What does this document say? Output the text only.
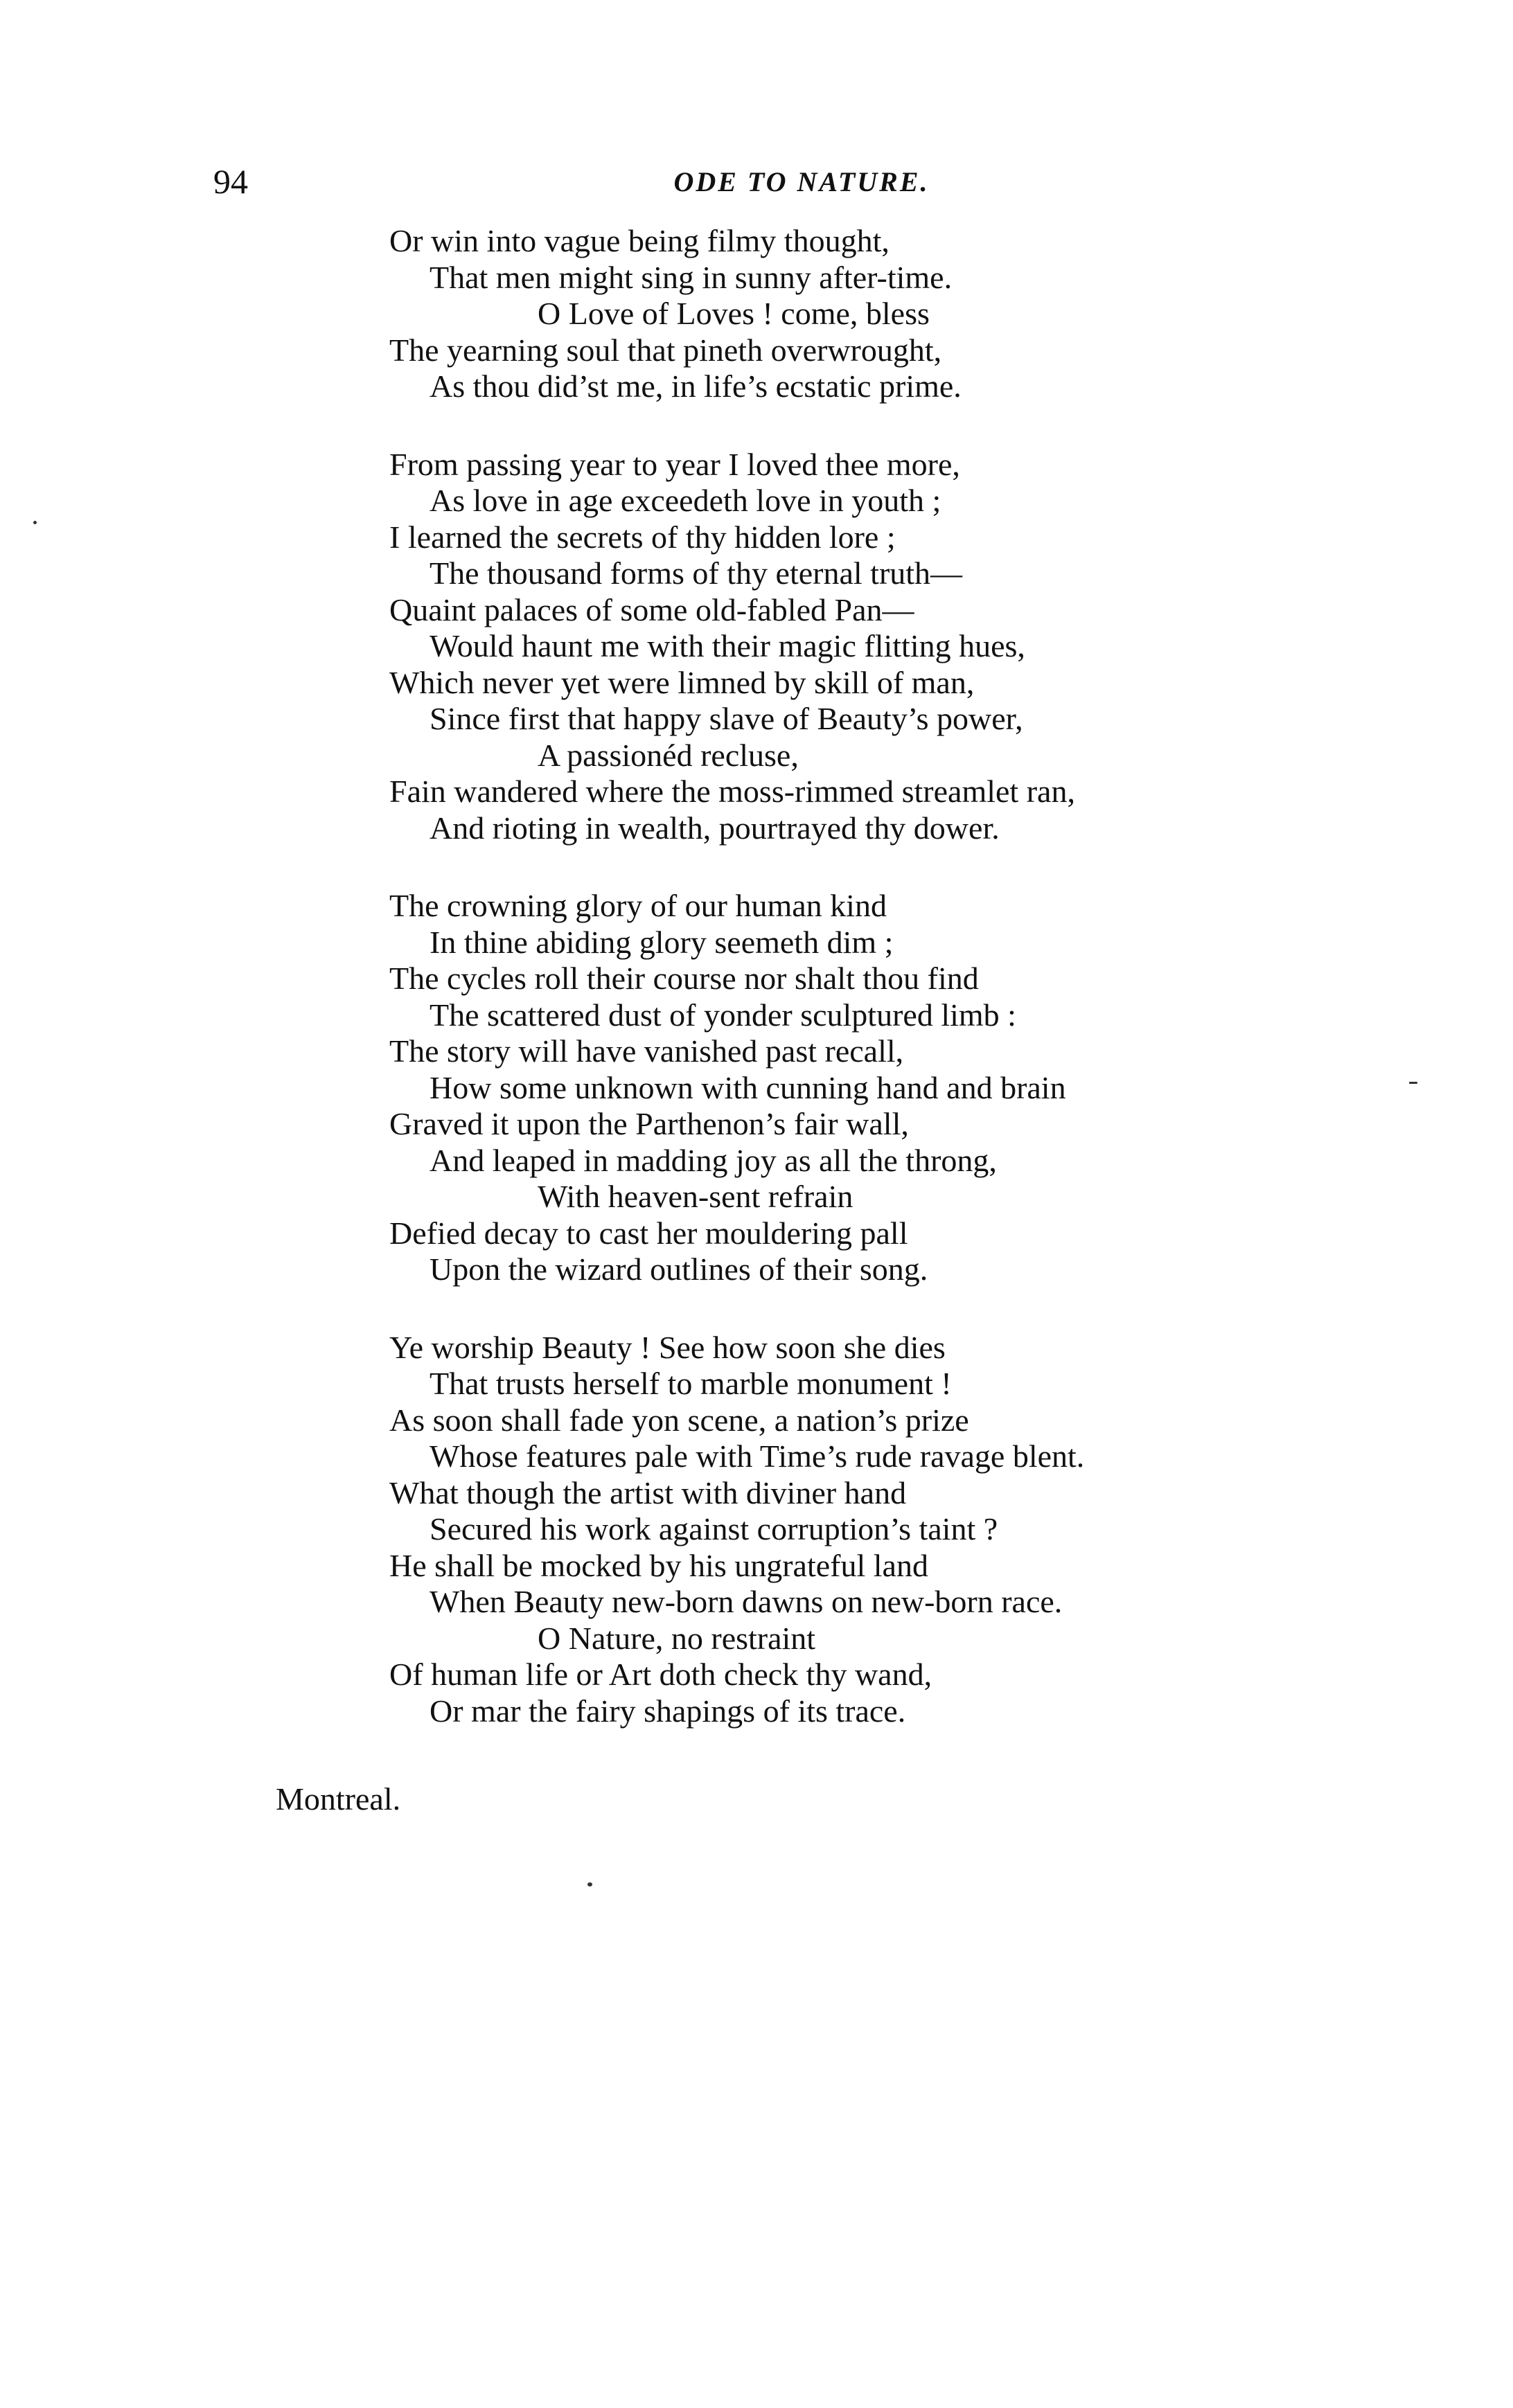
94	ODE TO NATURE.
Or win into vague being filmy thought,
That men might sing in sunny after-time.
O Love of Loves ! come, bless
The yearning soul that pineth overwrought,
As thou did’st me, in life’s ecstatic prime.
From passing year to year I loved thee more,
As love in age exceedeth love in youth ;
I learned the secrets of thy hidden lore ;
The thousand forms of thy eternal truth—
Quaint palaces of some old-fabled Pan—
Would haunt me with their magic flitting hues,
Which never yet were limned by skill of man,
Since first that happy slave of Beauty’s power,
A passionéd recluse,
Fain wandered where the moss-rimmed streamlet ran,
And rioting in wealth, pourtrayed thy dower.
The crowning glory of our human kind
In thine abiding glory seemeth dim ;
The cycles roll their course nor shalt thou find
The scattered dust of yonder sculptured limb :
The story will have vanished past recall,
How some unknown with cunning hand and brain
Graved it upon the Parthenon’s fair wall,
And leaped in madding joy as all the throng,
With heaven-sent refrain
Defied decay to cast her mouldering pall
Upon the wizard outlines of their song.
Ye worship Beauty ! See how soon she dies
That trusts herself to marble monument !
As soon shall fade yon scene, a nation’s prize
Whose features pale with Time’s rude ravage blent.
What though the artist with diviner hand
Secured his work against corruption’s taint ?
He shall be mocked by his ungrateful land
When Beauty new-born dawns on new-born race.
O Nature, no restraint
Of human life or Art doth check thy wand,
Or mar the fairy shapings of its trace.
Montreal.
